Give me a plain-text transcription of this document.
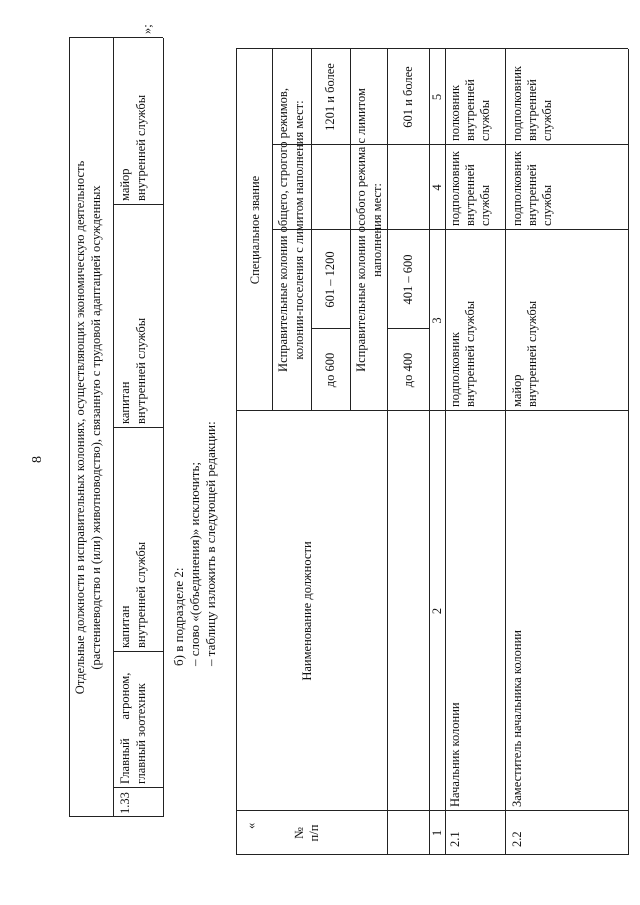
8 Отдельные должности в исправительных колониях, осуществляющих экономическую деятельность (растениеводство и (или) животноводство), связанную с трудовой адаптацией осужденных
1.33
Главный      агроном, главный зоотехник
капитан внутренней службы
капитан внутренней службы
майор внутренней службы
»;
б) в подразделе 2: – слово «(объединения)» исключить; – таблицу изложить в следующей редакции:
«
№ п/п
Наименование должности
Специальное звание Исправительные колонии общего, строгого режимов, колонии-поселения с лимитом наполнения мест:
до 600
601 – 1200
1201 и более Исправительные колонии особого режима с лимитом наполнения мест:
до 400
401 – 600
601 и более
1
2
3
4
5
2.1
Начальник колонии
подполковник внутренней службы
подполковник внутренней службы
полковник внутренней службы
2.2
Заместитель начальника колонии
майор внутренней службы
подполковник внутренней службы
подполковник внутренней службы
